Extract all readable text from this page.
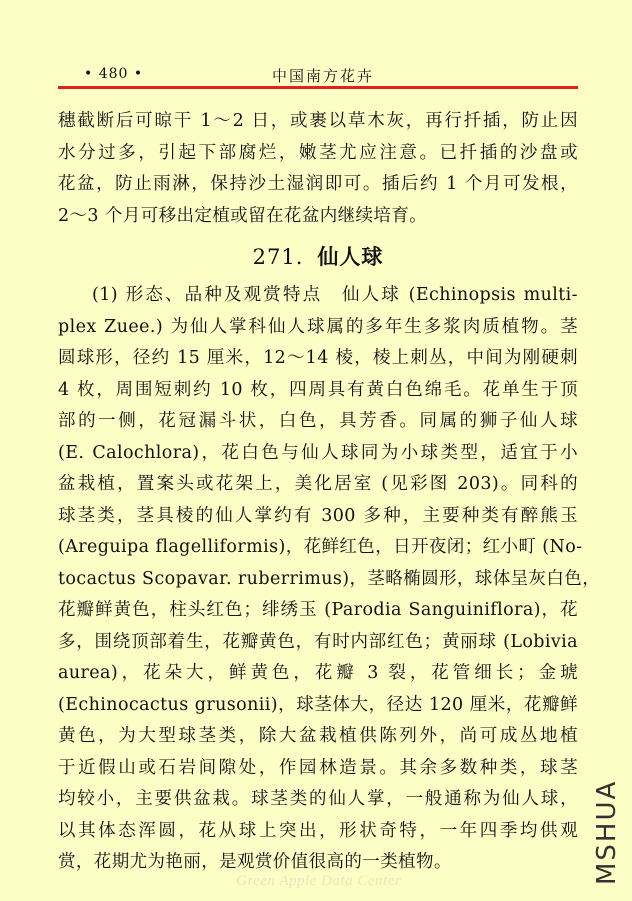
• 480 •	中国南方花卉
穗截断后可晾干 1～2 日，或裹以草木灰，再行扦插，防止因
水分过多，引起下部腐烂，嫩茎尤应注意。已扦插的沙盘或
花盆，防止雨淋，保持沙土湿润即可。插后约 1 个月可发根，
2～3 个月可移出定植或留在花盆内继续培育。
271. 仙人球
(1) 形态、品种及观赏特点　仙人球 (Echinopsis multi-
plex Zuee.) 为仙人掌科仙人球属的多年生多浆肉质植物。茎
圆球形，径约 15 厘米，12～14 棱，棱上刺丛，中间为刚硬刺
4 枚，周围短刺约 10 枚，四周具有黄白色绵毛。花单生于顶
部的一侧，花冠漏斗状，白色，具芳香。同属的狮子仙人球
(E. Calochlora)，花白色与仙人球同为小球类型，适宜于小
盆栽植，置案头或花架上，美化居室 (见彩图 203)。同科的
球茎类，茎具棱的仙人掌约有 300 多种，主要种类有醉熊玉
(Areguipa flagelliformis)，花鲜红色，日开夜闭；红小町 (No-
tocactus Scopavar. ruberrimus)，茎略椭圆形，球体呈灰白色，
花瓣鲜黄色，柱头红色；绯绣玉 (Parodia Sanguiniflora)，花
多，围绕顶部着生，花瓣黄色，有时内部红色；黄丽球 (Lobivia
aurea)，花朵大，鲜黄色，花瓣 3 裂，花管细长；金琥
(Echinocactus grusonii)，球茎体大，径达 120 厘米，花瓣鲜
黄色，为大型球茎类，除大盆栽植供陈列外，尚可成丛地植
于近假山或石岩间隙处，作园林造景。其余多数种类，球茎
均较小，主要供盆栽。球茎类的仙人掌，一般通称为仙人球，
以其体态浑圆，花从球上突出，形状奇特，一年四季均供观
赏，花期尤为艳丽，是观赏价值很高的一类植物。
Green Apple Data Center	MSHUA
